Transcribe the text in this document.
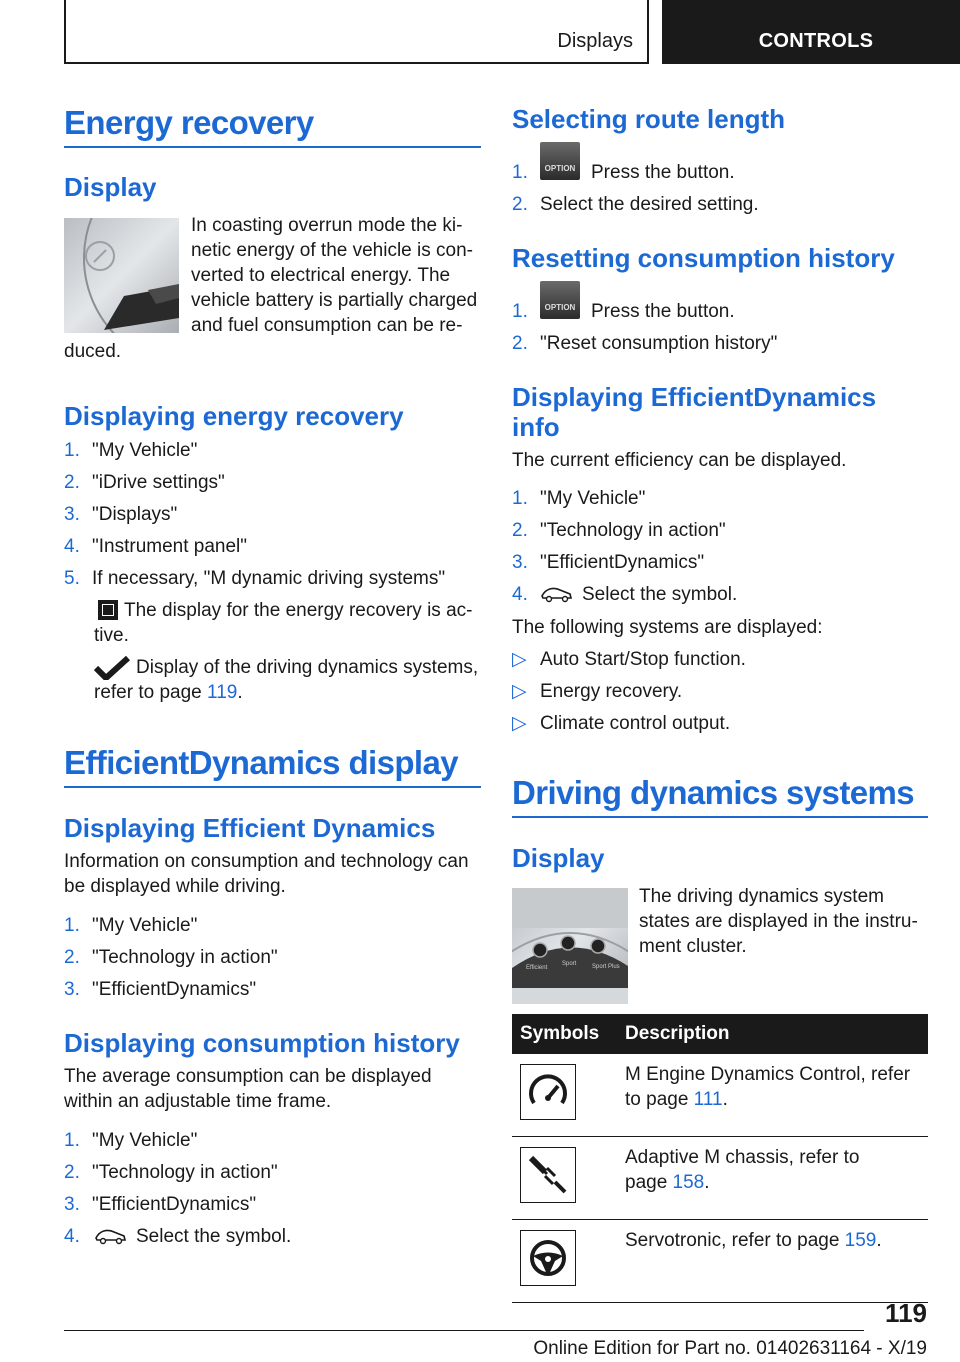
Displays	CONTROLS
Energy recovery
Display
In coasting overrun mode the ki-
netic energy of the vehicle is con-
verted to electrical energy. The
vehicle battery is partially charged
and fuel consumption can be re-
duced.
Displaying energy recovery
1. "My Vehicle"
2. "iDrive settings"
3. "Displays"
4. "Instrument panel"
5. If necessary, "M dynamic driving systems"
The display for the energy recovery is ac-
tive.
Display of the driving dynamics systems,
refer to page 119.
EfficientDynamics display
Displaying Efficient Dynamics
Information on consumption and technology can
be displayed while driving.
1. "My Vehicle"
2. "Technology in action"
3. "EfficientDynamics"
Displaying consumption history
The average consumption can be displayed
within an adjustable time frame.
1. "My Vehicle"
2. "Technology in action"
3. "EfficientDynamics"
4.	Select the symbol.
Selecting route length
1.	OPTION Press the button.
2. Select the desired setting.
Resetting consumption history
1.	OPTION Press the button.
2. "Reset consumption history"
Displaying EfficientDynamics
info
The current efficiency can be displayed.
1. "My Vehicle"
2. "Technology in action"
3. "EfficientDynamics"
4.	Select the symbol.
The following systems are displayed:
▷ Auto Start/Stop function.
▷ Energy recovery.
▷ Climate control output.
Driving dynamics systems
Display
Efficient
Sport	Sport Plus
The driving dynamics system
states are displayed in the instru-
ment cluster.
Symbols	Description

M Engine Dynamics Control, refer
to page 111.

Adaptive M chassis, refer to
page 158.

Servotronic, refer to page 159.
119
Online Edition for Part no. 01402631164 - X/19
